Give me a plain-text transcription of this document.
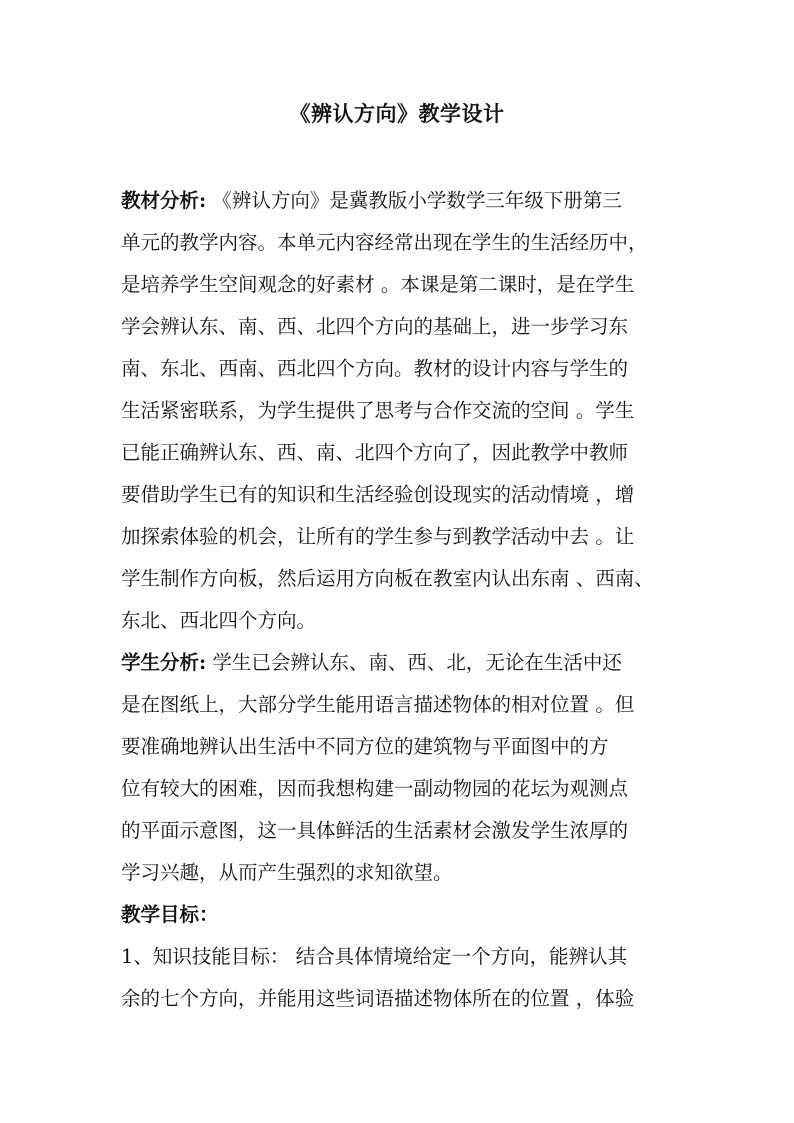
《辨认方向》教学设计
教材分析: 《辨认方向》是冀教版小学数学三年级下册第三
单元的教学内容。本单元内容经常出现在学生的生活经历中，
是培养学生空间观念的好素材 。本课是第二课时，是在学生
学会辨认东、南、西、北四个方向的基础上，进一步学习东
南、东北、西南、西北四个方向。教材的设计内容与学生的
生活紧密联系，为学生提供了思考与合作交流的空间 。学生
已能正确辨认东、西、南、北四个方向了，因此教学中教师
要借助学生已有的知识和生活经验创设现实的活动情境 ，增
加探索体验的机会，让所有的学生参与到教学活动中去 。让
学生制作方向板，然后运用方向板在教室内认出东南 、西南、
东北、西北四个方向。
学生分析: 学生已会辨认东、南、西、北，无论在生活中还
是在图纸上，大部分学生能用语言描述物体的相对位置 。但
要准确地辨认出生活中不同方位的建筑物与平面图中的方
位有较大的困难，因而我想构建一副动物园的花坛为观测点
的平面示意图，这一具体鲜活的生活素材会激发学生浓厚的
学习兴趣，从而产生强烈的求知欲望。
教学目标：
1、知识技能目标： 结合具体情境给定一个方向，能辨认其
余的七个方向，并能用这些词语描述物体所在的位置 ，体验
